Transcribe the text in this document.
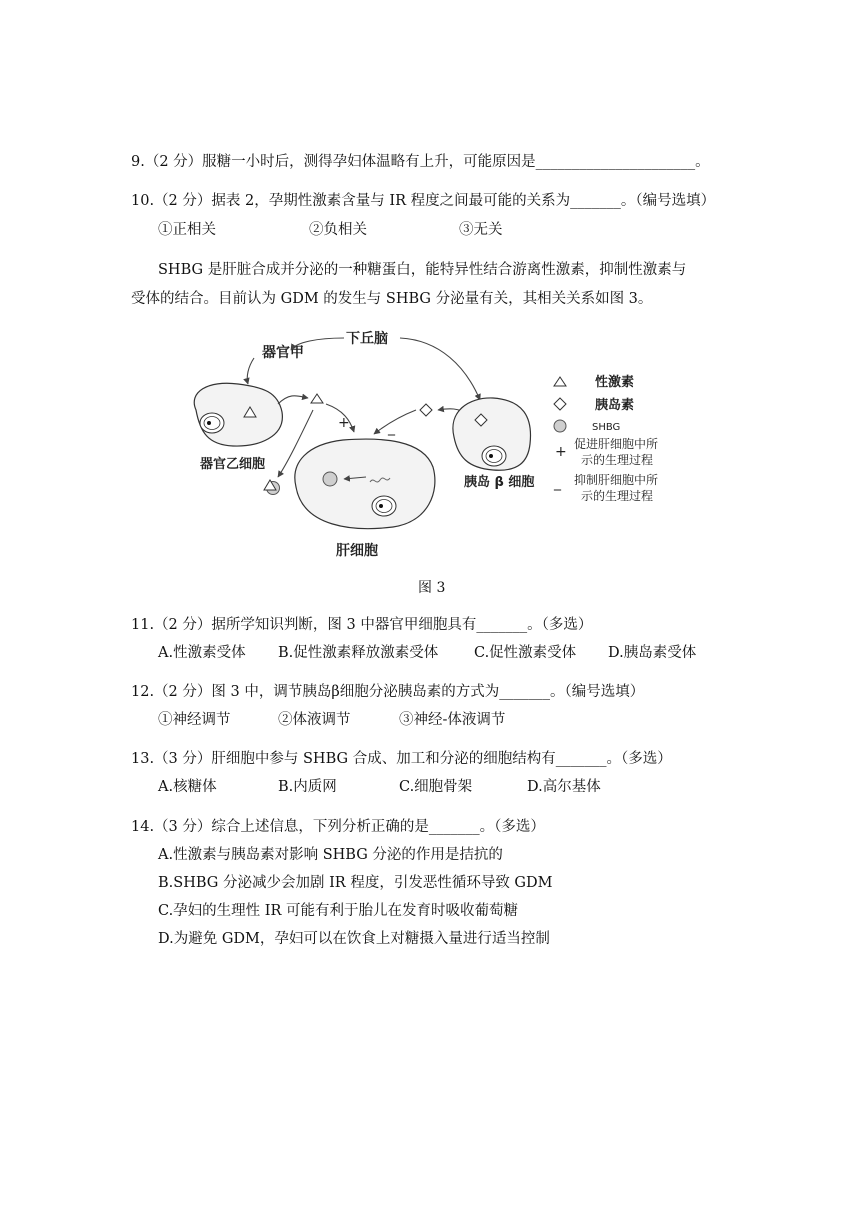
9.（2 分）服糖一小时后，测得孕妇体温略有上升，可能原因是______________________。
10.（2 分）据表 2，孕期性激素含量与 IR 程度之间最可能的关系为_______。（编号选填）
①正相关	②负相关	③无关
SHBG 是肝脏合成并分泌的一种糖蛋白，能特异性结合游离性激素，抑制性激素与
受体的结合。目前认为 GDM 的发生与 SHBG 分泌量有关，其相关关系如图 3。
下丘脑
器官甲
器官乙细胞
+
肝细胞
_
胰岛 β 细胞
性激素
胰岛素
SHBG
+ 促进肝细胞中所
示的生理过程
_ 抑制肝细胞中所
示的生理过程
图 3
11.（2 分）据所学知识判断，图 3 中器官甲细胞具有_______。（多选）
A.性激素受体 B.促性激素释放激素受体 C.促性激素受体 D.胰岛素受体
12.（2 分）图 3 中，调节胰岛β细胞分泌胰岛素的方式为_______。（编号选填）
①神经调节	②体液调节	③神经-体液调节
13.（3 分）肝细胞中参与 SHBG 合成、加工和分泌的细胞结构有_______。（多选）
A.核糖体	B.内质网	C.细胞骨架	D.高尔基体
14.（3 分）综合上述信息，下列分析正确的是_______。（多选）
A.性激素与胰岛素对影响 SHBG 分泌的作用是拮抗的
B.SHBG 分泌减少会加剧 IR 程度，引发恶性循环导致 GDM
C.孕妇的生理性 IR 可能有利于胎儿在发育时吸收葡萄糖
D.为避免 GDM，孕妇可以在饮食上对糖摄入量进行适当控制
